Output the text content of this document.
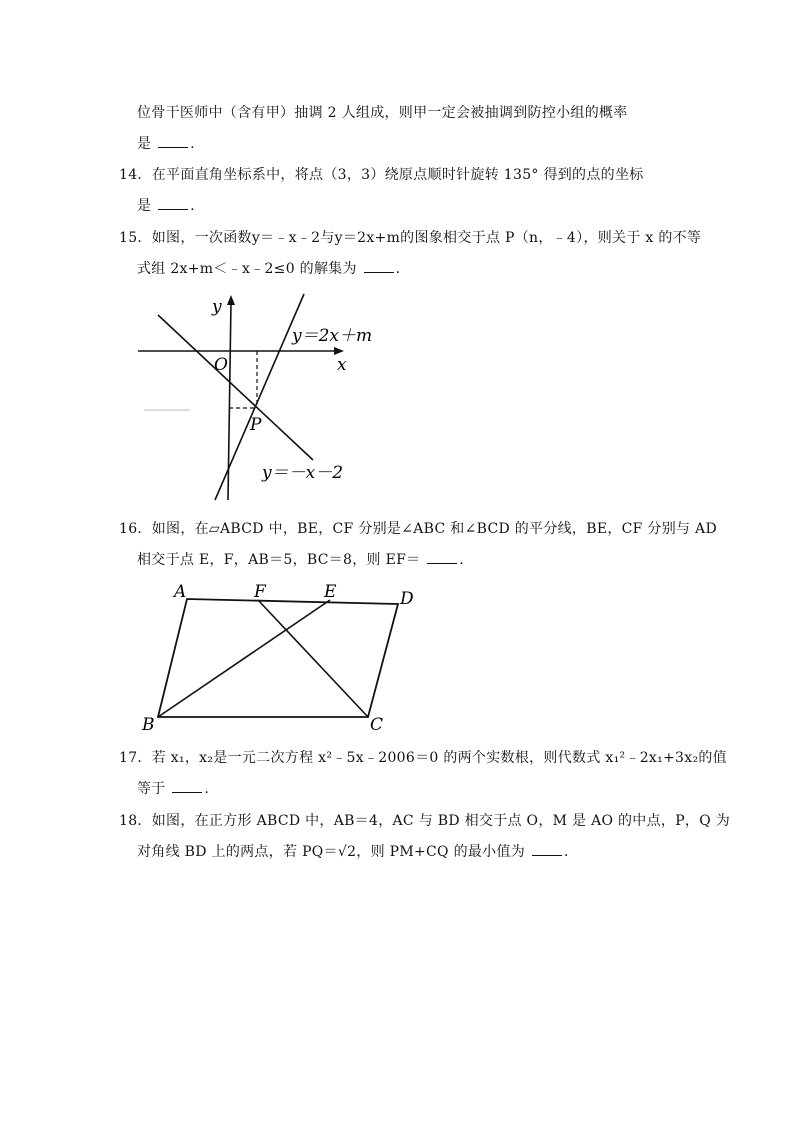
位骨干医师中（含有甲）抽调 2 人组成，则甲一定会被抽调到防控小组的概率
是	.
14．在平面直角坐标系中，将点（3，3）绕原点顺时针旋转 135° 得到的点的坐标
是	.
15．如图，一次函数y＝﹣x﹣2与y＝2x+m的图象相交于点 P（n，﹣4），则关于 x 的不等
式组 2x+m＜﹣x﹣2≤0 的解集为	.
y
x
O
P
y＝2x＋m
y＝－x－2
16．如图，在▱ABCD 中，BE，CF 分别是∠ABC 和∠BCD 的平分线，BE，CF 分别与 AD
相交于点 E，F，AB＝5，BC＝8，则 EF＝	.
A	F	E	D
B	C
17．若 x₁，x₂是一元二次方程 x²﹣5x﹣2006＝0 的两个实数根，则代数式 x₁²﹣2x₁+3x₂的值
等于	.
18．如图，在正方形 ABCD 中，AB＝4，AC 与 BD 相交于点 O，M 是 AO 的中点，P，Q 为
对角线 BD 上的两点，若 PQ＝√2，则 PM+CQ 的最小值为	.
